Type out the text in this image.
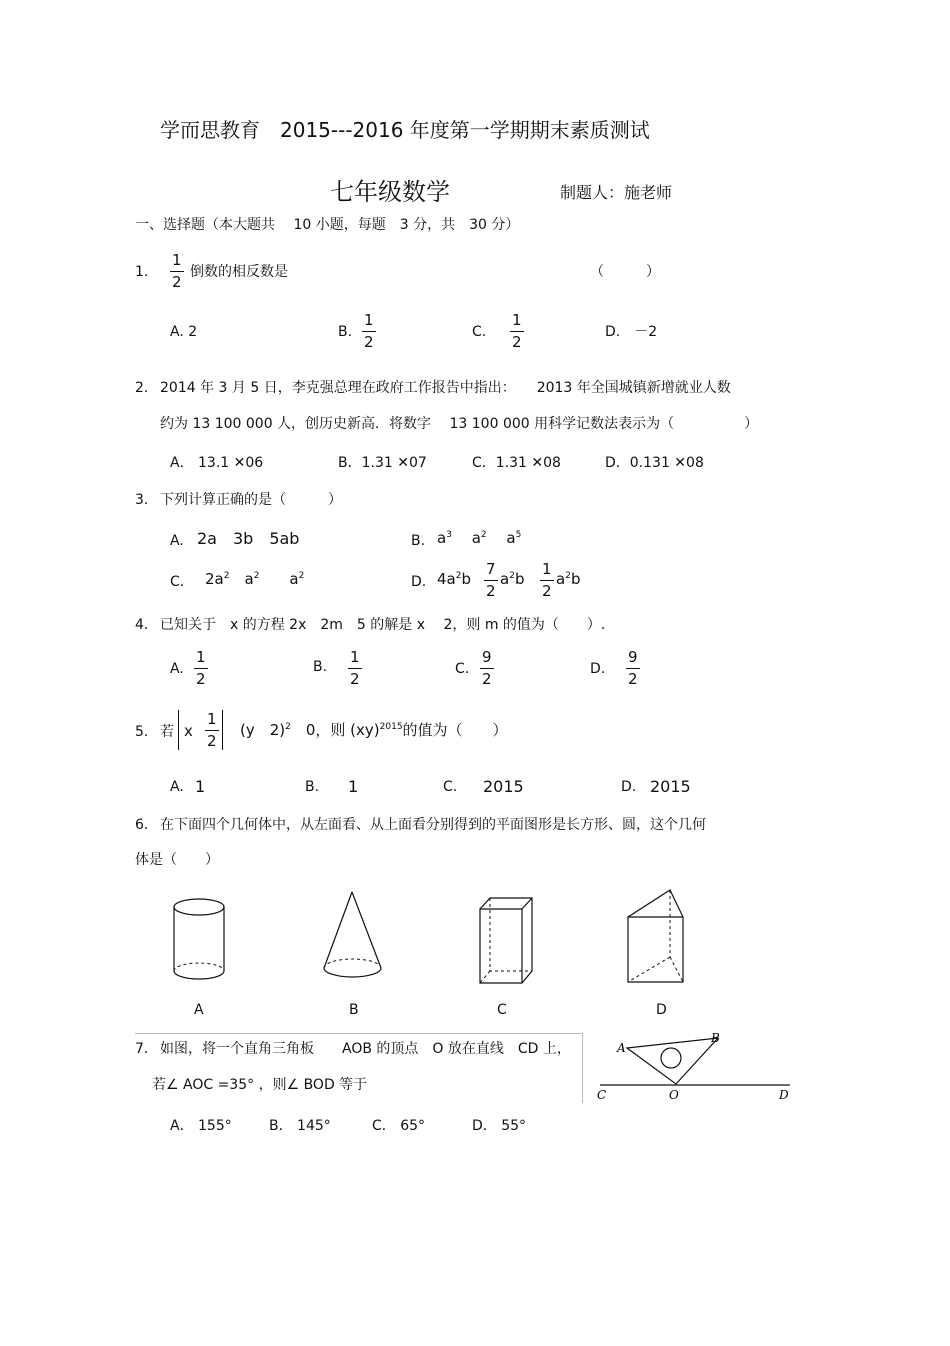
学而思教育　2015---2016 年度第一学期期末素质测试
七年级数学	制题人：施老师
一、选择题（本大题共　 10 小题，每题　3 分，共　30 分）
1.
1
2
倒数的相反数是	（　　　）
A. 2	B.
1
2
C.
1
2
D.　－2
2. 2014 年 3 月 5 日，李克强总理在政府工作报告中指出：　　2013 年全国城镇新增就业人数
约为 13 100 000 人，创历史新高．将数字　 13 100 000 用科学记数法表示为（　　　　　）
A． 13.1 ✕06	B．1.31 ✕07	C．1.31 ✕08	D．0.131 ✕08
3. 下列计算正确的是（　　　）
A. 2a　3b　5ab	B. $a^3$　 $a^2$　 $a^5$
C. $2a^2$　$a^2$　　$a^2$	D. $4a^2b$
7
2
$a^2b$
1
2
$a^2b$
4. 已知关于　x 的方程 2x　2m　5 的解是 x　 2，则 m 的值为（　　）.
A.
1
2
B.
1
2
C.
9
2
D.
9
2
5. 若 x
1
2
(y　2)$^2$　0，则 (xy)$^{2015}$的值为（　　）
A. 1	B. 1	C. 2015	D. 2015
6. 在下面四个几何体中，从左面看、从上面看分别得到的平面图形是长方形、圆，这个几何
体是（　　）
A	B	C	D
7. 如图，将一个直角三角板　　AOB 的顶点　O 放在直线　CD 上，
若∠ AOC =35° ，则∠ BOD 等于
A
B
C	O	D
A． 155°	B． 145°	C． 65°	D． 55°
